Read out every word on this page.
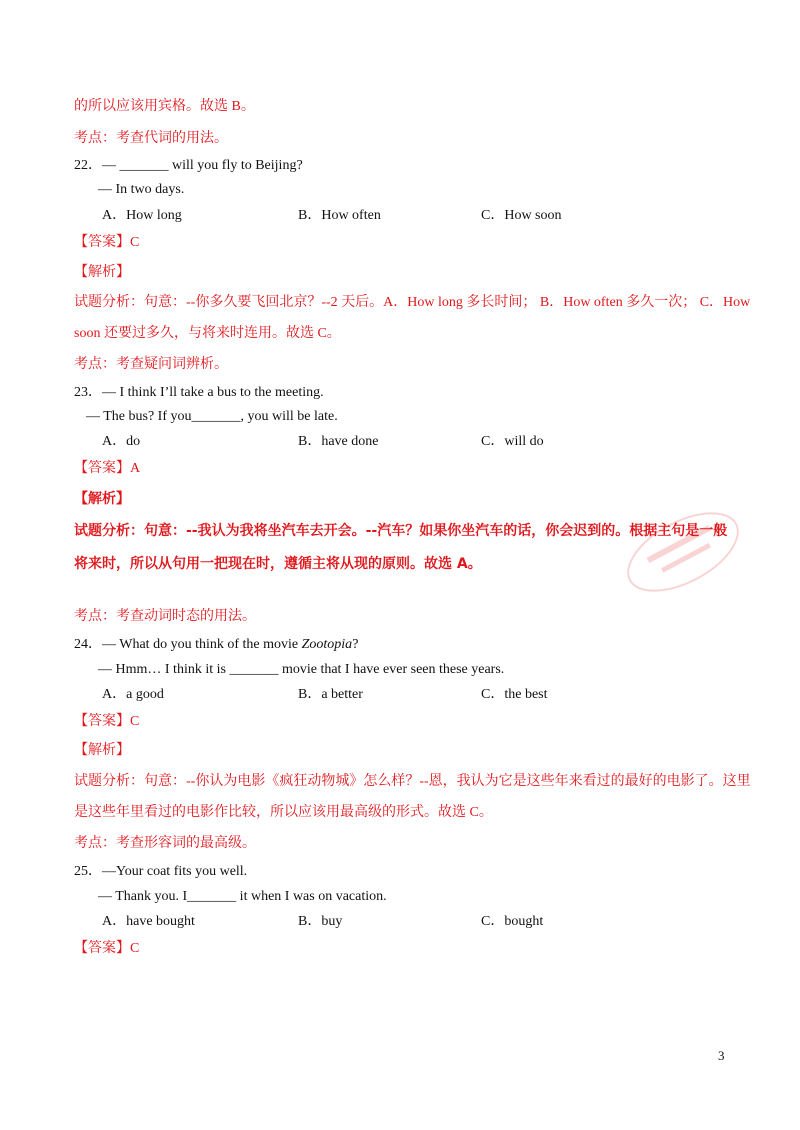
的所以应该用宾格。故选 B。
考点：考查代词的用法。
22．— _______ will you fly to Beijing?
— In two days.
A．How long	B．How often	C．How soon
【答案】C
【解析】
试题分析：句意：--你多久要飞回北京？--2 天后。A．How long 多长时间； B．How often 多久一次； C．How
soon 还要过多久，与将来时连用。故选 C。
考点：考查疑问词辨析。
23．— I think I’ll take a bus to the meeting.
— The bus? If you_______, you will be late.
A．do	B．have done	C．will do
【答案】A
【解析】
试题分析：句意：--我认为我将坐汽车去开会。--汽车？如果你坐汽车的话，你会迟到的。根据主句是一般
将来时，所以从句用一把现在时，遵循主将从现的原则。故选 A。
考点：考查动词时态的用法。
24．— What do you think of the movie Zootopia?
— Hmm… I think it is _______ movie that I have ever seen these years.
A．a good	B．a better	C．the best
【答案】C
【解析】
试题分析：句意：--你认为电影《疯狂动物城》怎么样？--恩，我认为它是这些年来看过的最好的电影了。这里
是这些年里看过的电影作比较，所以应该用最高级的形式。故选 C。
考点：考查形容词的最高级。
25．—Your coat fits you well.
— Thank you. I_______ it when I was on vacation.
A．have bought	B．buy	C．bought
【答案】C
3
